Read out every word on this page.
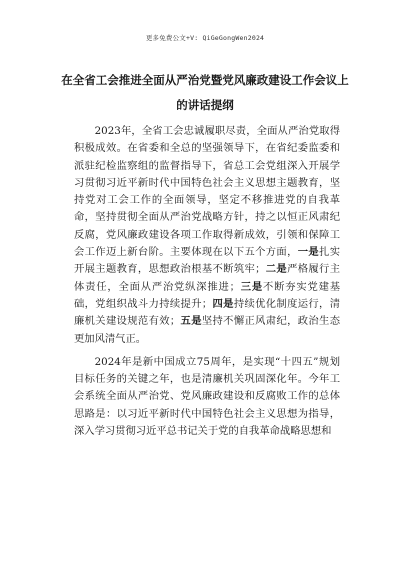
更多免费公文+V: QiGeGongWen2024
在全省工会推进全面从严治党暨党风廉政建设工作会议上
的讲话提纲

2023年，全省工会忠诚履职尽责，全面从严治党取得积极成效。在省委和全总的坚强领导下，在省纪委监委和派驻纪检监察组的监督指导下，省总工会党组深入开展学习贯彻习近平新时代中国特色社会主义思想主题教育，坚持党对工会工作的全面领导，坚定不移推进党的自我革命，坚持贯彻全面从严治党战略方针，持之以恒正风肃纪反腐，党风廉政建设各项工作取得新成效，引领和保障工会工作迈上新台阶。主要体现在以下五个方面，一是扎实开展主题教育，思想政治根基不断筑牢；二是严格履行主体责任，全面从严治党纵深推进；三是不断夯实党建基础，党组织战斗力持续提升；四是持续优化制度运行，清廉机关建设规范有效；五是坚持不懈正风肃纪，政治生态更加风清气正。

2024年是新中国成立75周年，是实现“十四五”规划目标任务的关键之年，也是清廉机关巩固深化年。今年工会系统全面从严治党、党风廉政建设和反腐败工作的总体思路是：以习近平新时代中国特色社会主义思想为指导，深入学习贯彻习近平总书记关于党的自我革命战略思想和
